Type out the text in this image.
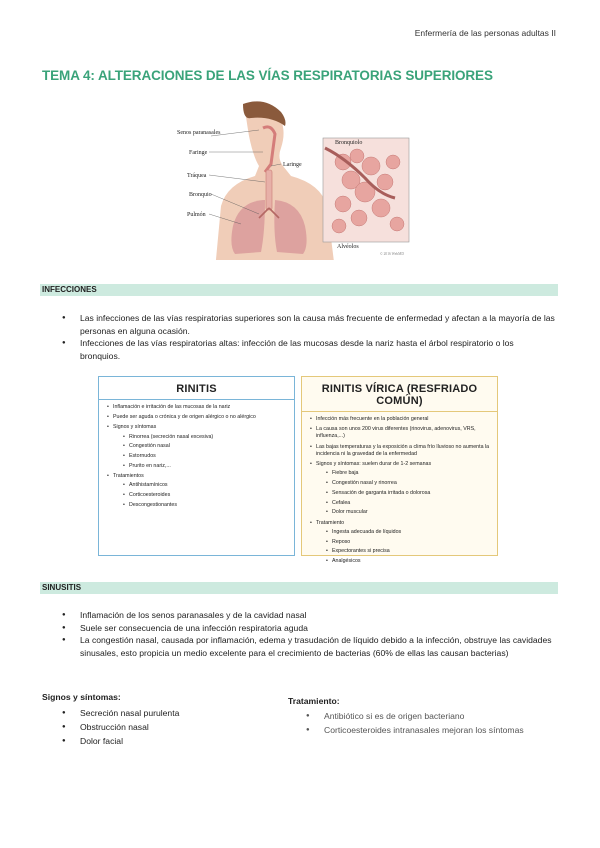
Enfermería de las personas adultas II
TEMA 4: ALTERACIONES DE LAS VÍAS RESPIRATORIAS SUPERIORES
Senos paranasales
Faringe
Laringe
Tráquea
Bronquio
Pulmón
Bronquiolo
Alvéolos
© 2016 WebMD
INFECCIONES
● Las infecciones de las vías respiratorias superiores son la causa más frecuente de enfermedad y afectan a la mayoría de las personas en alguna ocasión.
● Infecciones de las vías respiratorias altas: infección de las mucosas desde la nariz hasta el árbol respiratorio o los bronquios.
RINITIS
• Inflamación e irritación de las mucosas de la nariz
• Puede ser aguda o crónica y de origen alérgico o no alérgico
• Signos y síntomas
• Rinorrea (secreción nasal excesiva)
• Congestión nasal
• Estornudos
• Prurito en nariz,...
• Tratamientos
• Antihistamínicos
• Corticoesteroides
• Descongestionantes
RINITIS VÍRICA (RESFRIADO COMÚN)
• Infección más frecuente en la población general
• La causa son unos 200 virus diferentes (rinovirus, adenovirus, VRS, influenza,...)
• Las bajas temperaturas y la exposición a clima frío lluvioso no aumenta la incidencia ni la gravedad de la enfermedad
• Signos y síntomas: suelen durar de 1-2 semanas
• Fiebre baja
• Congestión nasal y rinorrea
• Sensación de garganta irritada o dolorosa
• Cefalea
• Dolor muscular
• Tratamiento
• Ingesta adecuada de líquidos
• Reposo
• Expectorantes si precisa
• Analgésicos
SINUSITIS
● Inflamación de los senos paranasales y de la cavidad nasal
● Suele ser consecuencia de una infección respiratoria aguda
● La congestión nasal, causada por inflamación, edema y trasudación de líquido debido a la infección, obstruye las cavidades sinusales, esto propicia un medio excelente para el crecimiento de bacterias (60% de ellas las causan bacterias)
Signos y síntomas:
● Secreción nasal purulenta
● Obstrucción nasal
● Dolor facial
Tratamiento:
● Antibiótico si es de origen bacteriano
● Corticoesteroides intranasales mejoran los síntomas
